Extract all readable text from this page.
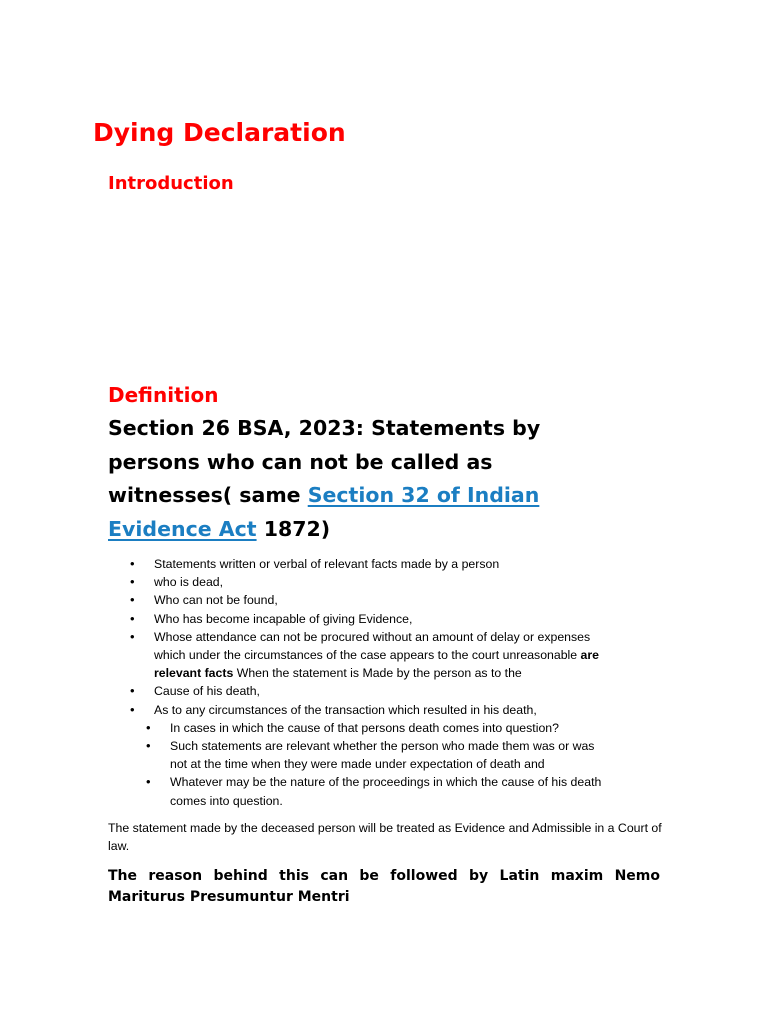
Dying Declaration
Introduction
Definition
Section 26 BSA, 2023: Statements by
persons who can not be called as
witnesses( same Section 32 of Indian
Evidence Act 1872)
• Statements written or verbal of relevant facts made by a person
• who is dead,
• Who can not be found,
• Who has become incapable of giving Evidence,
• Whose attendance can not be procured without an amount of delay or expenses
which under the circumstances of the case appears to the court unreasonable are
relevant facts When the statement is Made by the person as to the
• Cause of his death,
• As to any circumstances of the transaction which resulted in his death,
• In cases in which the cause of that persons death comes into question?
• Such statements are relevant whether the person who made them was or was
not at the time when they were made under expectation of death and
• Whatever may be the nature of the proceedings in which the cause of his death
comes into question.

The statement made by the deceased person will be treated as Evidence and Admissible in a Court of law.

The reason behind this can be followed by Latin maxim Nemo
Mariturus Presumuntur Mentri
